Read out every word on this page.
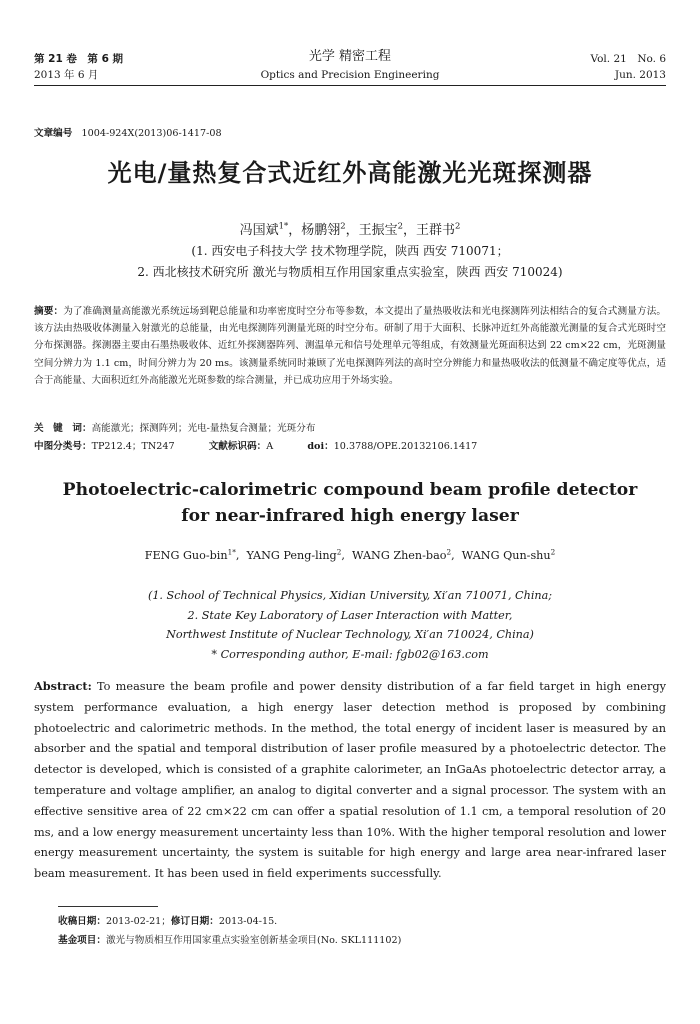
第 21 卷　第 6 期
2013 年 6 月
光学 精密工程
Optics and Precision Engineering
Vol. 21　No. 6
Jun. 2013
文章编号 1004-924X(2013)06-1417-08
光电/量热复合式近红外高能激光光斑探测器
冯国斌$^{1*}$，杨鹏翎$^2$，王振宝$^2$，王群书$^2$
(1. 西安电子科技大学 技术物理学院，陕西 西安 710071；
2. 西北核技术研究所 激光与物质相互作用国家重点实验室，陕西 西安 710024)

摘要：为了准确测量高能激光系统远场到靶总能量和功率密度时空分布等参数，本文提出了量热吸收法和光电探测阵列法相结合的复合式测量方法。该方法由热吸收体测量入射激光的总能量，由光电探测阵列测量光斑的时空分布。研制了用于大面积、长脉冲近红外高能激光测量的复合式光斑时空分布探测器。探测器主要由石墨热吸收体、近红外探测器阵列、测温单元和信号处理单元等组成，有效测量光斑面积达到 22 cm×22 cm，光斑测量空间分辨力为 1.1 cm，时间分辨力为 20 ms。该测量系统同时兼顾了光电探测阵列法的高时空分辨能力和量热吸收法的低测量不确定度等优点，适合于高能量、大面积近红外高能激光光斑参数的综合测量，并已成功应用于外场实验。

关　键　词：高能激光；探测阵列；光电-量热复合测量；光斑分布
中图分类号：TP212.4；TN247	文献标识码：A	doi：10.3788/OPE.20132106.1417
Photoelectric-calorimetric compound beam profile detector
for near-infrared high energy laser
FENG Guo-bin$^{1*}$,  YANG Peng-ling$^2$,  WANG Zhen-bao$^2$,  WANG Qun-shu$^2$
(1. School of Technical Physics, Xidian University, Xi′an 710071, China;
2. State Key Laboratory of Laser Interaction with Matter,
Northwest Institute of Nuclear Technology, Xi′an 710024, China)
* Corresponding author, E-mail: fgb02@163.com

Abstract: To measure the beam profile and power density distribution of a far field target in high energy system performance evaluation, a high energy laser detection method is proposed by combining photoelectric and calorimetric methods. In the method, the total energy of incident laser is measured by an absorber and the spatial and temporal distribution of laser profile measured by a photoelectric detector. The detector is developed, which is consisted of a graphite calorimeter, an InGaAs photoelectric detector array, a temperature and voltage amplifier, an analog to digital converter and a signal processor. The system with an effective sensitive area of 22 cm×22 cm can offer a spatial resolution of 1.1 cm, a temporal resolution of 20 ms, and a low energy measurement uncertainty less than 10%. With the higher temporal resolution and lower energy measurement uncertainty, the system is suitable for high energy and large area near-infrared laser beam measurement. It has been used in field experiments successfully.

收稿日期：2013-02-21；修订日期：2013-04-15.
基金项目：激光与物质相互作用国家重点实验室创新基金项目(No. SKL111102)
